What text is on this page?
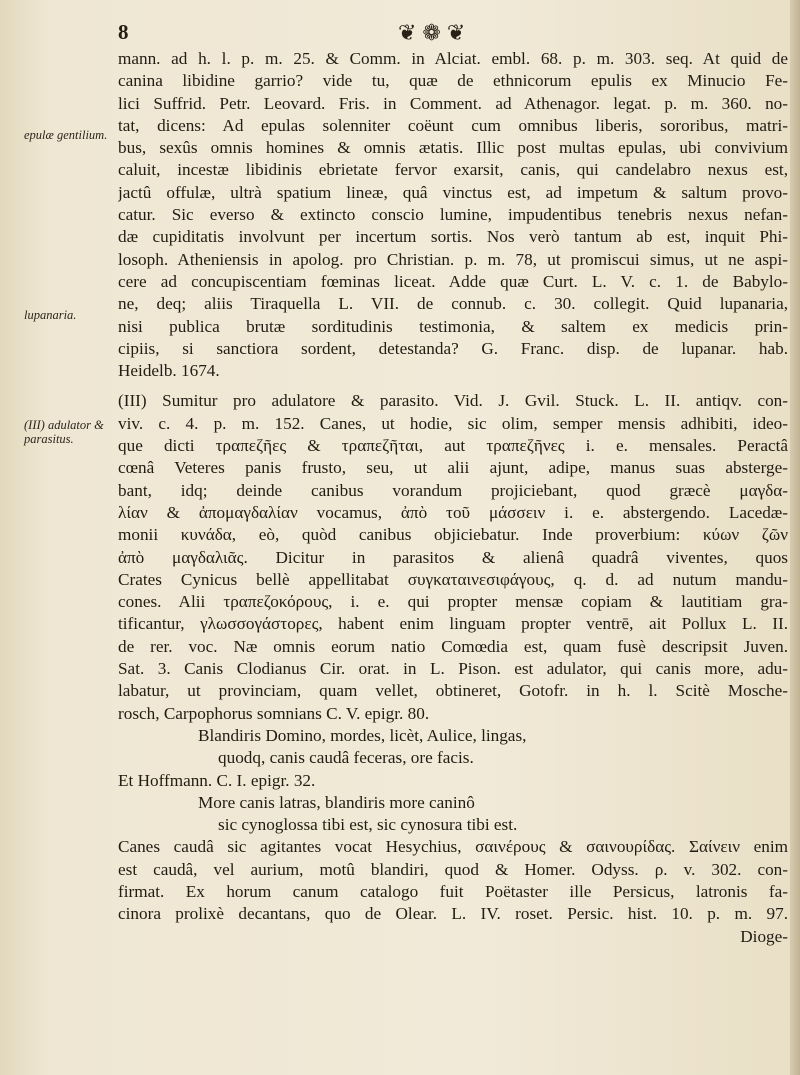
8	❦❁❦
epulæ gentilium.
lupanaria.
(III) adulator & parasitus.
mann. ad h. l. p. m. 25. & Comm. in Alciat. embl. 68. p. m. 303. seq. At quid de
canina libidine garrio? vide tu, quæ de ethnicorum epulis ex Minucio Fe-
lici Suffrid. Petr. Leovard. Fris. in Comment. ad Athenagor. legat. p. m. 360. no-
tat, dicens: Ad epulas solenniter coëunt cum omnibus liberis, sororibus, matri-
bus, sexûs omnis homines & omnis ætatis. Illic post multas epulas, ubi convivium
caluit, incestæ libidinis ebrietate fervor exarsit, canis, qui candelabro nexus est,
jactû offulæ, ultrà spatium lineæ, quâ vinctus est, ad impetum & saltum provo-
catur. Sic everso & extincto conscio lumine, impudentibus tenebris nexus nefan-
dæ cupiditatis involvunt per incertum sortis. Nos verò tantum ab est, inquit Phi-
losoph. Atheniensis in apolog. pro Christian. p. m. 78, ut promiscui simus, ut ne aspi-
cere ad concupiscentiam fœminas liceat. Adde quæ Curt. L. V. c. 1. de Babylo-
ne, deq; aliis Tiraquella L. VII. de connub. c. 30. collegit. Quid lupanaria,
nisi publica brutæ sorditudinis testimonia, & saltem ex medicis prin-
cipiis, si sanctiora sordent, detestanda? G. Franc. disp. de lupanar. hab.
Heidelb. 1674.
(III) Sumitur pro adulatore & parasito. Vid. J. Gvil. Stuck. L. II. antiqv. con-
viv. c. 4. p. m. 152. Canes, ut hodie, sic olim, semper mensis adhibiti, ideo-
que dicti τραπεζῆες & τραπεζῆται, aut τραπεζῆνες i. e. mensales. Peractâ
cœnâ Veteres panis frusto, seu, ut alii ajunt, adipe, manus suas absterge-
bant, idq; deinde canibus vorandum projiciebant, quod græcè μαγδα-
λίαν & ἀπομαγδαλίαν vocamus, ἀπὸ τοῦ μάσσειν i. e. abstergendo. Lacedæ-
monii κυνάδα, eò, quòd canibus objiciebatur. Inde proverbium: κύων ζῶν
ἀπὸ μαγδαλιᾶς. Dicitur in parasitos & alienâ quadrâ viventes, quos
Crates Cynicus bellè appellitabat συγκαταινεσιφάγους, q. d. ad nutum mandu-
cones. Alii τραπεζοκόρους, i. e. qui propter mensæ copiam & lautitiam gra-
tificantur, γλωσσογάστορες, habent enim linguam propter ventrē, ait Pollux L. II.
de rer. voc. Næ omnis eorum natio Comœdia est, quam fusè descripsit Juven.
Sat. 3. Canis Clodianus Cir. orat. in L. Pison. est adulator, qui canis more, adu-
labatur, ut provinciam, quam vellet, obtineret, Gotofr. in h. l. Scitè Mosche-
rosch, Carpophorus somnians C. V. epigr. 80.
Blandiris Domino, mordes, licèt, Aulice, lingas,
quodq, canis caudâ feceras, ore facis.
Et Hoffmann. C. I. epigr. 32.
More canis latras, blandiris more caninô
sic cynoglossa tibi est, sic cynosura tibi est.
Canes caudâ sic agitantes vocat Hesychius, σαινέρους & σαινουρίδας. Σαίνειν enim
est caudâ, vel aurium, motû blandiri, quod & Homer. Odyss. ρ. v. 302. con-
firmat. Ex horum canum catalogo fuit Poëtaster ille Persicus, latronis fa-
cinora prolixè decantans, quo de Olear. L. IV. roset. Persic. hist. 10. p. m. 97.
Dioge-
